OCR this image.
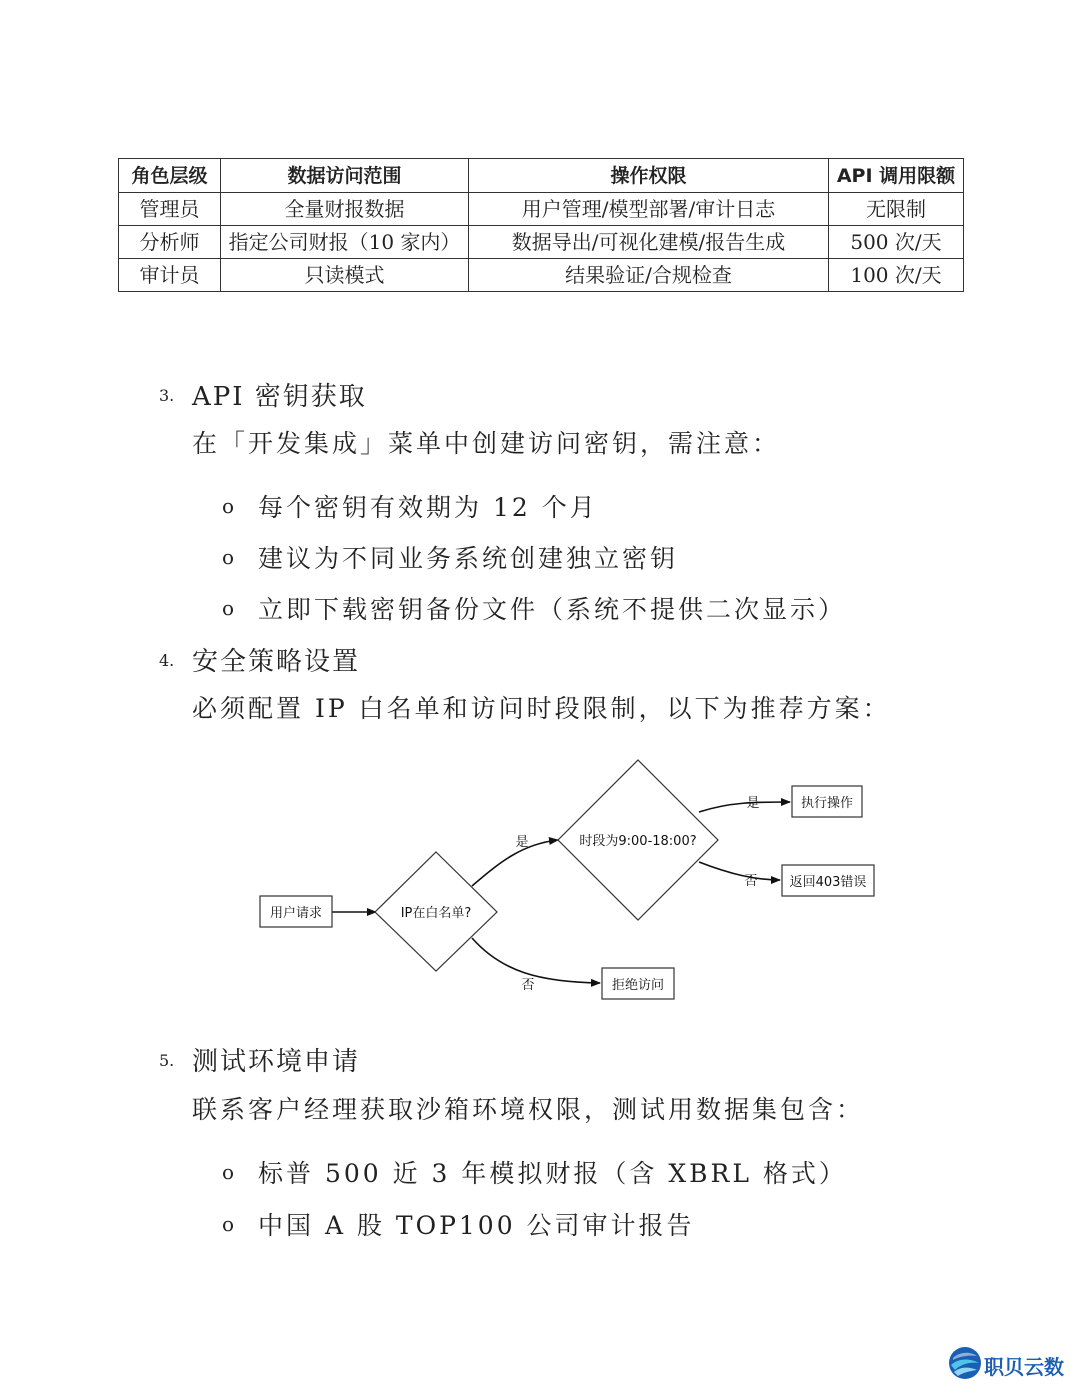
角色层级	数据访问范围	操作权限	API 调用限额
管理员	全量财报数据	用户管理/模型部署/审计日志	无限制
分析师	指定公司财报（10 家内）	数据导出/可视化建模/报告生成	500 次/天
审计员	只读模式	结果验证/合规检查	100 次/天
3. API 密钥获取
在「开发集成」菜单中创建访问密钥，需注意：
o 每个密钥有效期为 12 个月
o 建议为不同业务系统创建独立密钥
o 立即下载密钥备份文件（系统不提供二次显示）
4. 安全策略设置
必须配置 IP 白名单和访问时段限制，以下为推荐方案：
用户请求	IP在白名单?
时段为9:00-18:00?
执行操作
返回403错误
拒绝访问
是
是
否
否
5. 测试环境申请
联系客户经理获取沙箱环境权限，测试用数据集包含：
o 标普 500 近 3 年模拟财报（含 XBRL 格式）
o 中国 A 股 TOP100 公司审计报告
职贝云数
